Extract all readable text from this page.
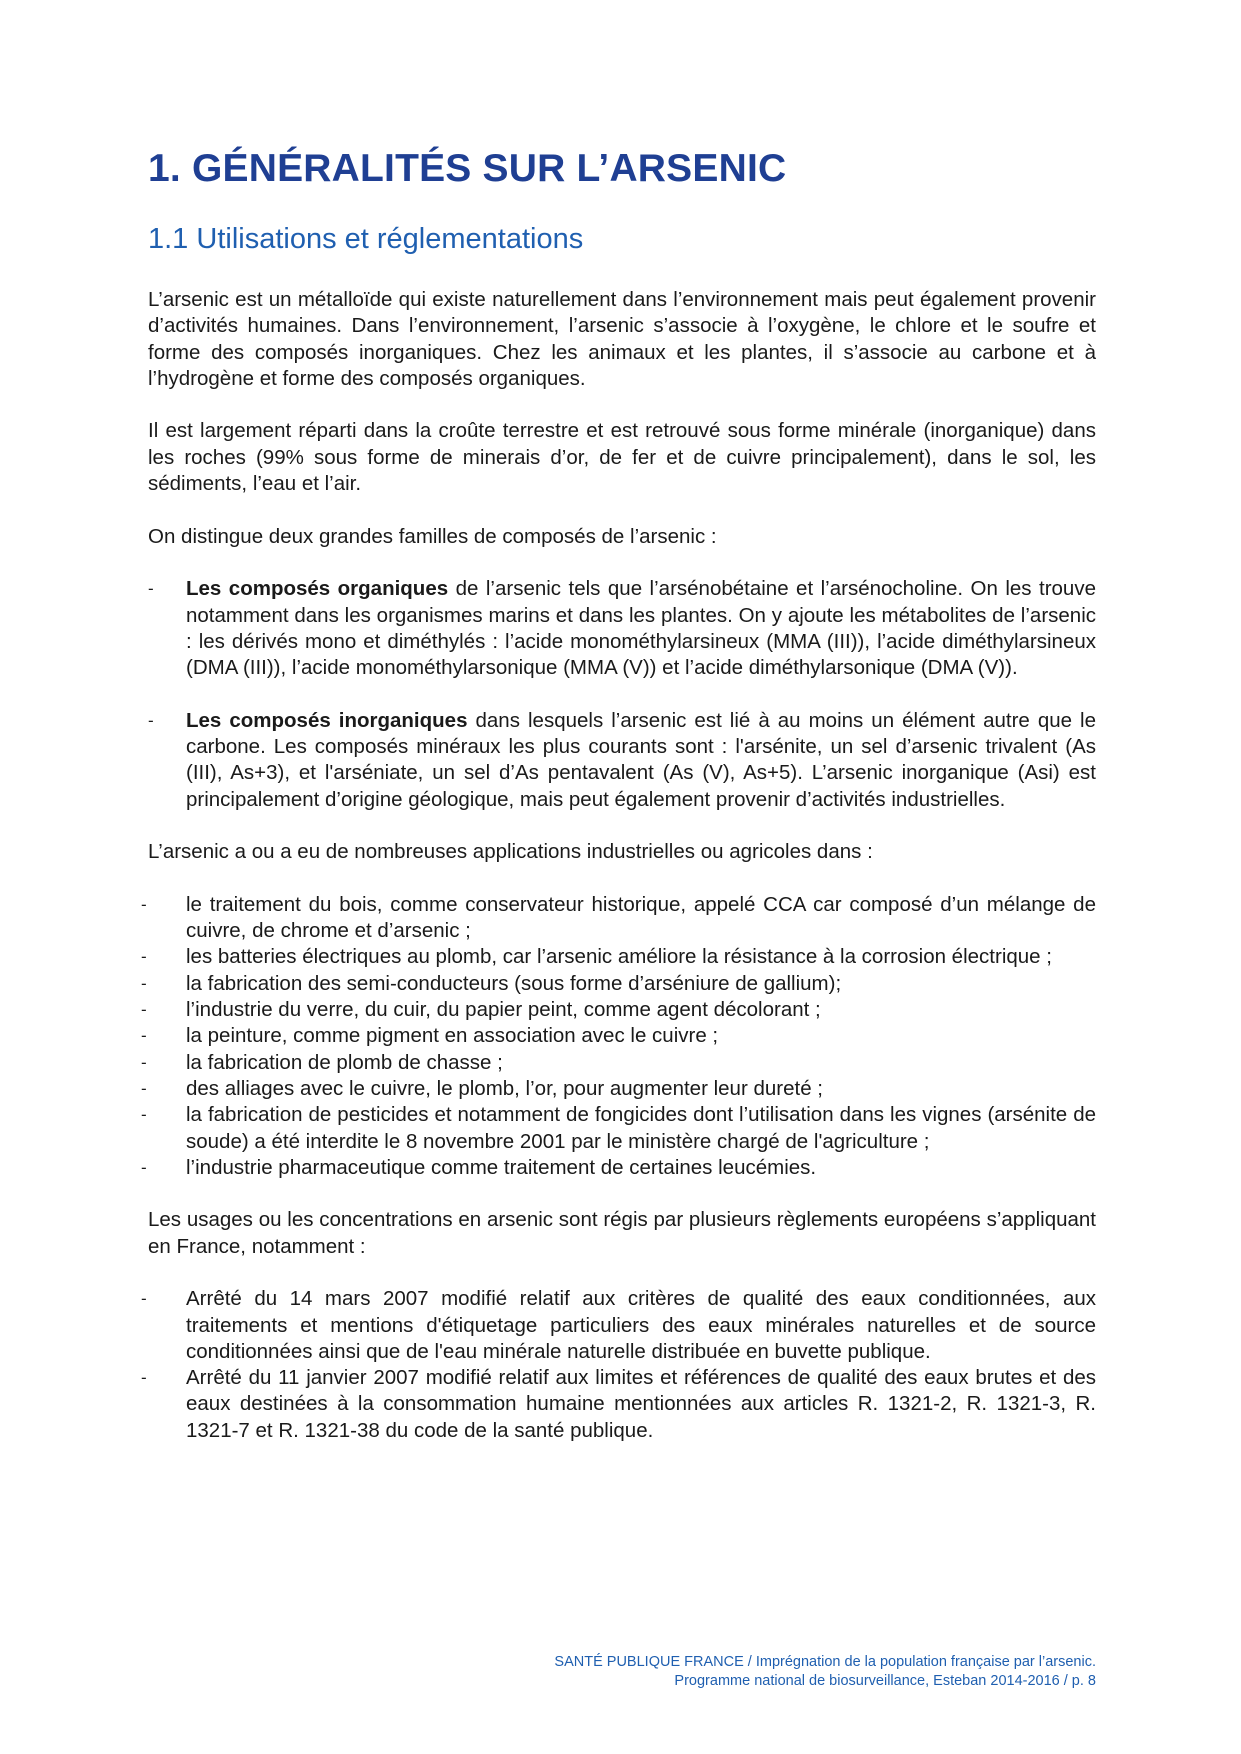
1. GÉNÉRALITÉS SUR L’ARSENIC
1.1 Utilisations et réglementations

L’arsenic est un métalloïde qui existe naturellement dans l’environnement mais peut également provenir d’activités humaines. Dans l’environnement, l’arsenic s’associe à l’oxygène, le chlore et le soufre et forme des composés inorganiques. Chez les animaux et les plantes, il s’associe au carbone et à l’hydrogène et forme des composés organiques.

Il est largement réparti dans la croûte terrestre et est retrouvé sous forme minérale (inorganique) dans les roches (99% sous forme de minerais d’or, de fer et de cuivre principalement), dans le sol, les sédiments, l’eau et l’air.

On distingue deux grandes familles de composés de l’arsenic :

-	Les composés organiques de l’arsenic tels que l’arsénobétaine et l’arsénocholine. On les trouve notamment dans les organismes marins et dans les plantes. On y ajoute les métabolites de l’arsenic : les dérivés mono et diméthylés : l’acide monométhylarsineux (MMA (III)), l’acide diméthylarsineux (DMA (III)), l’acide monométhylarsonique (MMA (V)) et l’acide diméthylarsonique (DMA (V)).
-	Les composés inorganiques dans lesquels l’arsenic est lié à au moins un élément autre que le carbone. Les composés minéraux les plus courants sont : l'arsénite, un sel d’arsenic trivalent (As (III), As+3), et l'arséniate, un sel d’As pentavalent (As (V), As+5). L’arsenic inorganique (Asi) est principalement d’origine géologique, mais peut également provenir d’activités industrielles.

L’arsenic a ou a eu de nombreuses applications industrielles ou agricoles dans :

-	le traitement du bois, comme conservateur historique, appelé CCA car composé d’un mélange de cuivre, de chrome et d’arsenic ;
-	les batteries électriques au plomb, car l’arsenic améliore la résistance à la corrosion électrique ;
-	la fabrication des semi-conducteurs (sous forme d’arséniure de gallium);
-	l’industrie du verre, du cuir, du papier peint, comme agent décolorant ;
-	la peinture, comme pigment en association avec le cuivre ;
-	la fabrication de plomb de chasse ;
-	des alliages avec le cuivre, le plomb, l’or, pour augmenter leur dureté ;
-	la fabrication de pesticides et notamment de fongicides dont l’utilisation dans les vignes (arsénite de soude) a été interdite le 8 novembre 2001 par le ministère chargé de l'agriculture ;
-	l’industrie pharmaceutique comme traitement de certaines leucémies.

Les usages ou les concentrations en arsenic sont régis par plusieurs règlements européens s’appliquant en France, notamment :

-	Arrêté du 14 mars 2007 modifié relatif aux critères de qualité des eaux conditionnées, aux traitements et mentions d'étiquetage particuliers des eaux minérales naturelles et de source conditionnées ainsi que de l'eau minérale naturelle distribuée en buvette publique.
-	Arrêté du 11 janvier 2007 modifié relatif aux limites et références de qualité des eaux brutes et des eaux destinées à la consommation humaine mentionnées aux articles R. 1321-2, R. 1321-3, R. 1321-7 et R. 1321-38 du code de la santé publique.
SANTÉ PUBLIQUE FRANCE / Imprégnation de la population française par l’arsenic.
Programme national de biosurveillance, Esteban 2014-2016 / p. 8
